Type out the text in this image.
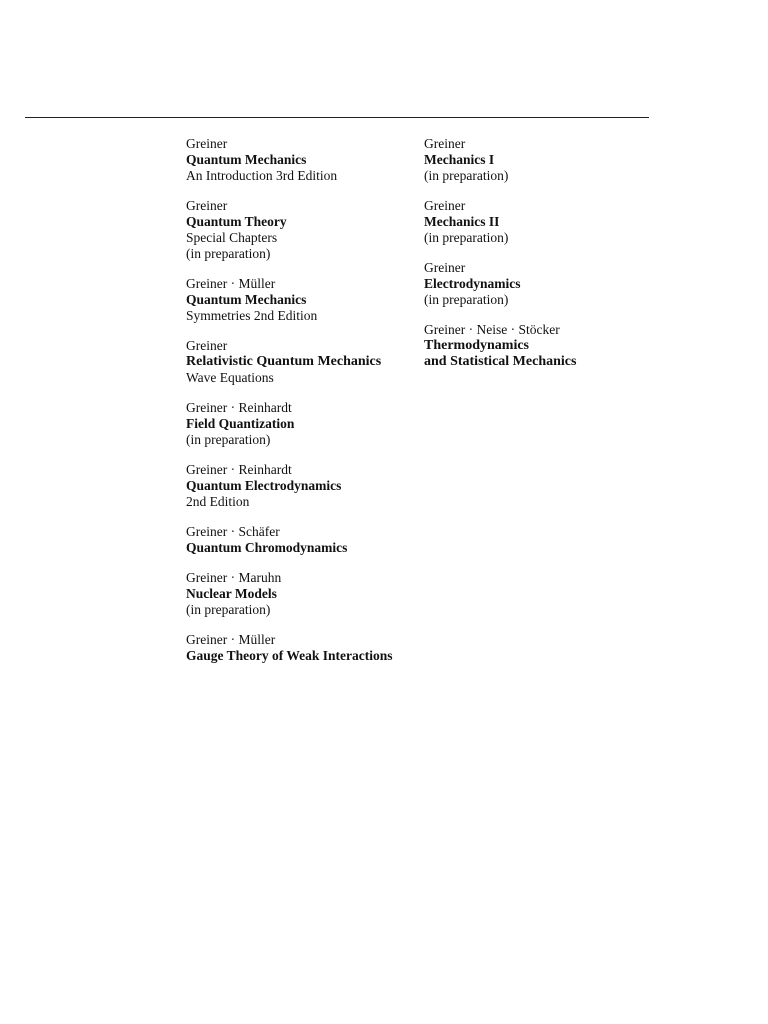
Greiner
Quantum Mechanics
An Introduction 3rd Edition
Greiner
Quantum Theory
Special Chapters
(in preparation)
Greiner · Müller
Quantum Mechanics
Symmetries 2nd Edition
Greiner
Relativistic Quantum Mechanics
Wave Equations
Greiner · Reinhardt
Field Quantization
(in preparation)
Greiner · Reinhardt
Quantum Electrodynamics
2nd Edition
Greiner · Schäfer
Quantum Chromodynamics
Greiner · Maruhn
Nuclear Models
(in preparation)
Greiner · Müller
Gauge Theory of Weak Interactions
Greiner
Mechanics I
(in preparation)
Greiner
Mechanics II
(in preparation)
Greiner
Electrodynamics
(in preparation)
Greiner · Neise · Stöcker
Thermodynamics
and Statistical Mechanics
